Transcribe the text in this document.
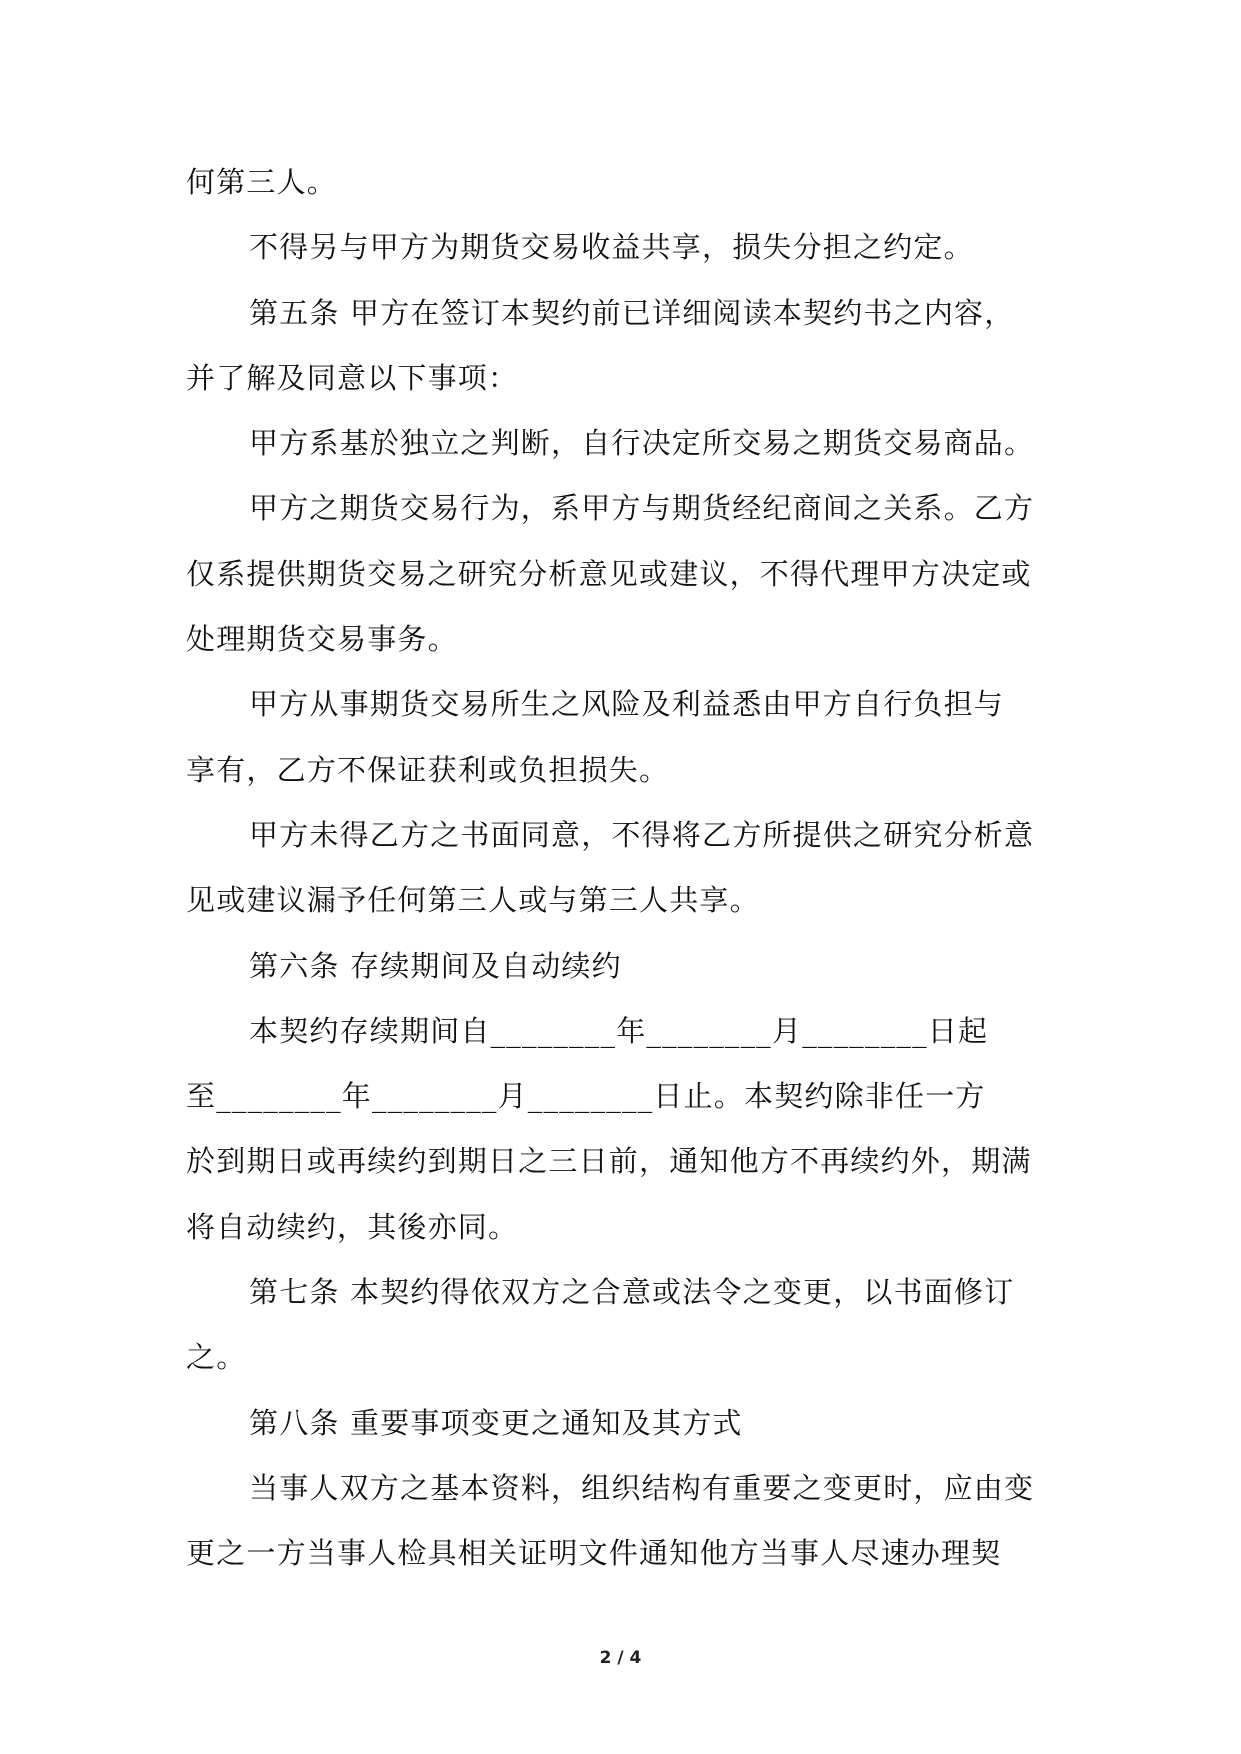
何第三人。
不得另与甲方为期货交易收益共享，损失分担之约定。
第五条 甲方在签订本契约前已详细阅读本契约书之内容，
并了解及同意以下事项：
甲方系基於独立之判断，自行决定所交易之期货交易商品。
甲方之期货交易行为，系甲方与期货经纪商间之关系。乙方
仅系提供期货交易之研究分析意见或建议，不得代理甲方决定或
处理期货交易事务。
甲方从事期货交易所生之风险及利益悉由甲方自行负担与
享有，乙方不保证获利或负担损失。
甲方未得乙方之书面同意，不得将乙方所提供之研究分析意
见或建议漏予任何第三人或与第三人共享。
第六条 存续期间及自动续约
本契约存续期间自________年________月________日起
至________年________月________日止。本契约除非任一方
於到期日或再续约到期日之三日前，通知他方不再续约外，期满
将自动续约，其後亦同。
第七条 本契约得依双方之合意或法令之变更，以书面修订
之。
第八条 重要事项变更之通知及其方式
当事人双方之基本资料，组织结构有重要之变更时，应由变
更之一方当事人检具相关证明文件通知他方当事人尽速办理契
2 / 4
